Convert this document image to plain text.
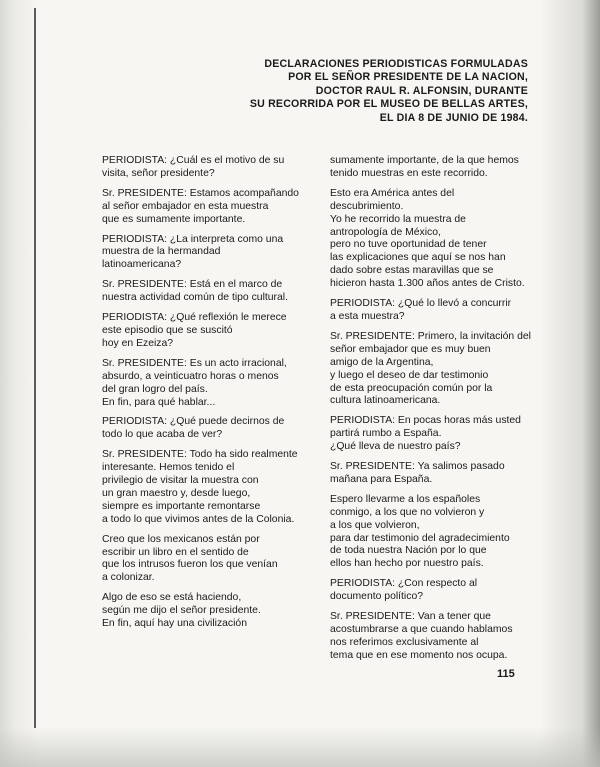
DECLARACIONES PERIODISTICAS FORMULADAS
POR EL SEÑOR PRESIDENTE DE LA NACION,
DOCTOR RAUL R. ALFONSIN, DURANTE
SU RECORRIDA POR EL MUSEO DE BELLAS ARTES,
EL DIA 8 DE JUNIO DE 1984.
PERIODISTA: ¿Cuál es el motivo de su
visita, señor presidente?
Sr. PRESIDENTE: Estamos acompañando
al señor embajador en esta muestra
que es sumamente importante.
PERIODISTA: ¿La interpreta como una
muestra de la hermandad
latinoamericana?
Sr. PRESIDENTE: Está en el marco de
nuestra actividad común de tipo cultural.
PERIODISTA: ¿Qué reflexión le merece
este episodio que se suscitó
hoy en Ezeiza?
Sr. PRESIDENTE: Es un acto irracional,
absurdo, a veinticuatro horas o menos
del gran logro del país.
En fin, para qué hablar...
PERIODISTA: ¿Qué puede decirnos de
todo lo que acaba de ver?
Sr. PRESIDENTE: Todo ha sido realmente
interesante. Hemos tenido el
privilegio de visitar la muestra con
un gran maestro y, desde luego,
siempre es importante remontarse
a todo lo que vivimos antes de la Colonia.
Creo que los mexicanos están por
escribir un libro en el sentido de
que los intrusos fueron los que venían
a colonizar.
Algo de eso se está haciendo,
según me dijo el señor presidente.
En fin, aquí hay una civilización
sumamente importante, de la que hemos
tenido muestras en este recorrido.
Esto era América antes del
descubrimiento.
Yo he recorrido la muestra de
antropología de México,
pero no tuve oportunidad de tener
las explicaciones que aquí se nos han
dado sobre estas maravillas que se
hicieron hasta 1.300 años antes de Cristo.
PERIODISTA: ¿Qué lo llevó a concurrir
a esta muestra?
Sr. PRESIDENTE: Primero, la invitación del
señor embajador que es muy buen
amigo de la Argentina,
y luego el deseo de dar testimonio
de esta preocupación común por la
cultura latinoamericana.
PERIODISTA: En pocas horas más usted
partirá rumbo a España.
¿Qué lleva de nuestro país?
Sr. PRESIDENTE: Ya salimos pasado
mañana para España.
Espero llevarme a los españoles
conmigo, a los que no volvieron y
a los que volvieron,
para dar testimonio del agradecimiento
de toda nuestra Nación por lo que
ellos han hecho por nuestro país.
PERIODISTA: ¿Con respecto al
documento político?
Sr. PRESIDENTE: Van a tener que
acostumbrarse a que cuando hablamos
nos referimos exclusivamente al
tema que en ese momento nos ocupa.
115
